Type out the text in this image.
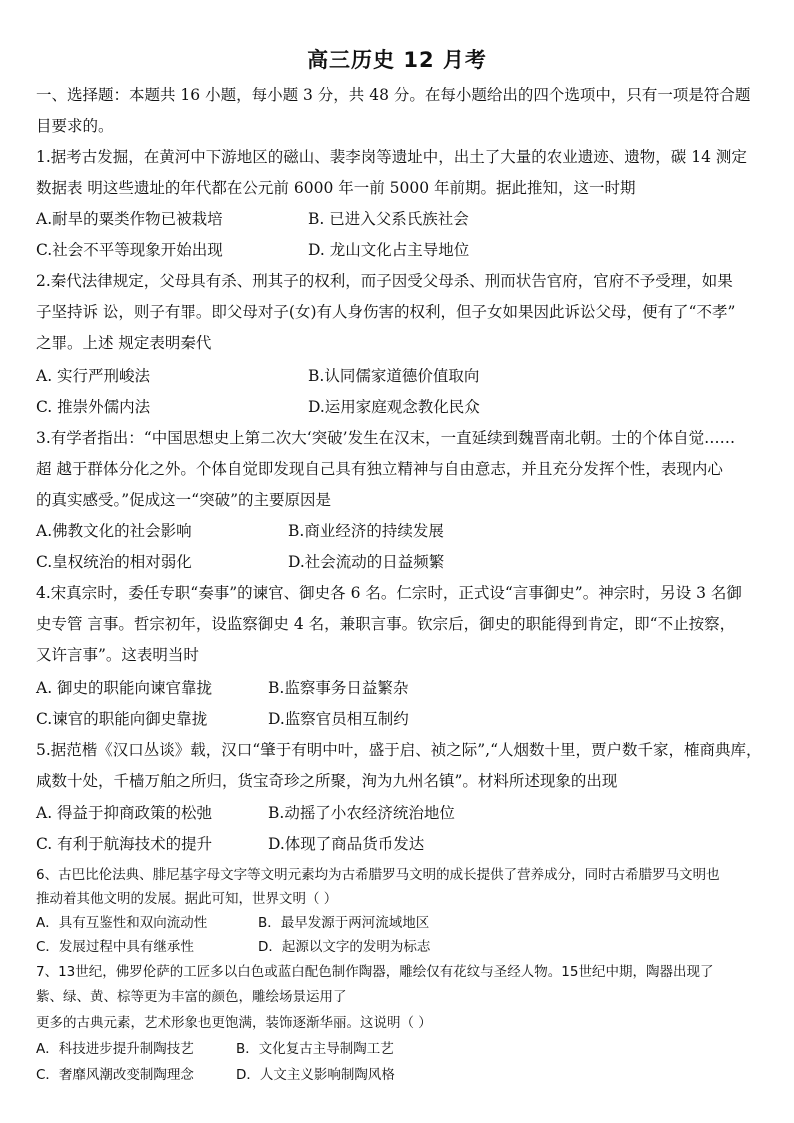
高三历史 12 月考
一、选择题：本题共 16 小题，每小题 3 分，共 48 分。在每小题给出的四个选项中，只有一项是符合题
目要求的。
1.据考古发掘，在黄河中下游地区的磁山、裴李岗等遗址中，出土了大量的农业遗迹、遗物，碳 14 测定
数据表 明这些遗址的年代都在公元前 6000 年一前 5000 年前期。据此推知，这一时期
A.耐旱的粟类作物已被栽培	B. 已进入父系氏族社会
C.社会不平等现象开始出现	D. 龙山文化占主导地位
2.秦代法律规定，父母具有杀、刑其子的权利，而子因受父母杀、刑而状告官府，官府不予受理，如果
子坚持诉 讼，则子有罪。即父母对子(女)有人身伤害的权利，但子女如果因此诉讼父母，便有了“不孝”
之罪。上述 规定表明秦代
A. 实行严刑峻法	B.认同儒家道德价值取向
C. 推崇外儒内法	D.运用家庭观念教化民众
3.有学者指出：“中国思想史上第二次大‘突破’发生在汉末，一直延续到魏晋南北朝。士的个体自觉……
超 越于群体分化之外。个体自觉即发现自己具有独立精神与自由意志，并且充分发挥个性，表现内心
的真实感受。”促成这一“突破”的主要原因是
A.佛教文化的社会影响	B.商业经济的持续发展
C.皇权统治的相对弱化	D.社会流动的日益频繁
4.宋真宗时，委任专职“奏事”的谏官、御史各 6 名。仁宗时，正式设“言事御史”。神宗时，另设 3 名御
史专管 言事。哲宗初年，设监察御史 4 名，兼职言事。钦宗后，御史的职能得到肯定，即“不止按察，
又许言事”。这表明当时
A. 御史的职能向谏官靠拢	B.监察事务日益繁杂
C.谏官的职能向御史靠拢	D.监察官员相互制约
5.据范楷《汉口丛谈》载，汉口“肇于有明中叶，盛于启、祯之际”,“人烟数十里，贾户数千家，榷商典库，
咸数十处，千樯万舶之所归，货宝奇珍之所聚，洵为九州名镇”。材料所述现象的出现
A. 得益于抑商政策的松弛	B.动摇了小农经济统治地位
C. 有利于航海技术的提升	D.体现了商品货币发达
6、古巴比伦法典、腓尼基字母文字等文明元素均为古希腊罗马文明的成长提供了营养成分，同时古希腊罗马文明也
推动着其他文明的发展。据此可知，世界文明（ ）
A．具有互鉴性和双向流动性	B．最早发源于两河流域地区
C．发展过程中具有继承性	D．起源以文字的发明为标志
7、13世纪，佛罗伦萨的工匠多以白色或蓝白配色制作陶器，雕绘仅有花纹与圣经人物。15世纪中期，陶器出现了
紫、绿、黄、棕等更为丰富的颜色，雕绘场景运用了
更多的古典元素，艺术形象也更饱满，装饰逐渐华丽。这说明（ ）
A．科技进步提升制陶技艺	B．文化复古主导制陶工艺
C．奢靡风潮改变制陶理念	D．人文主义影响制陶风格
